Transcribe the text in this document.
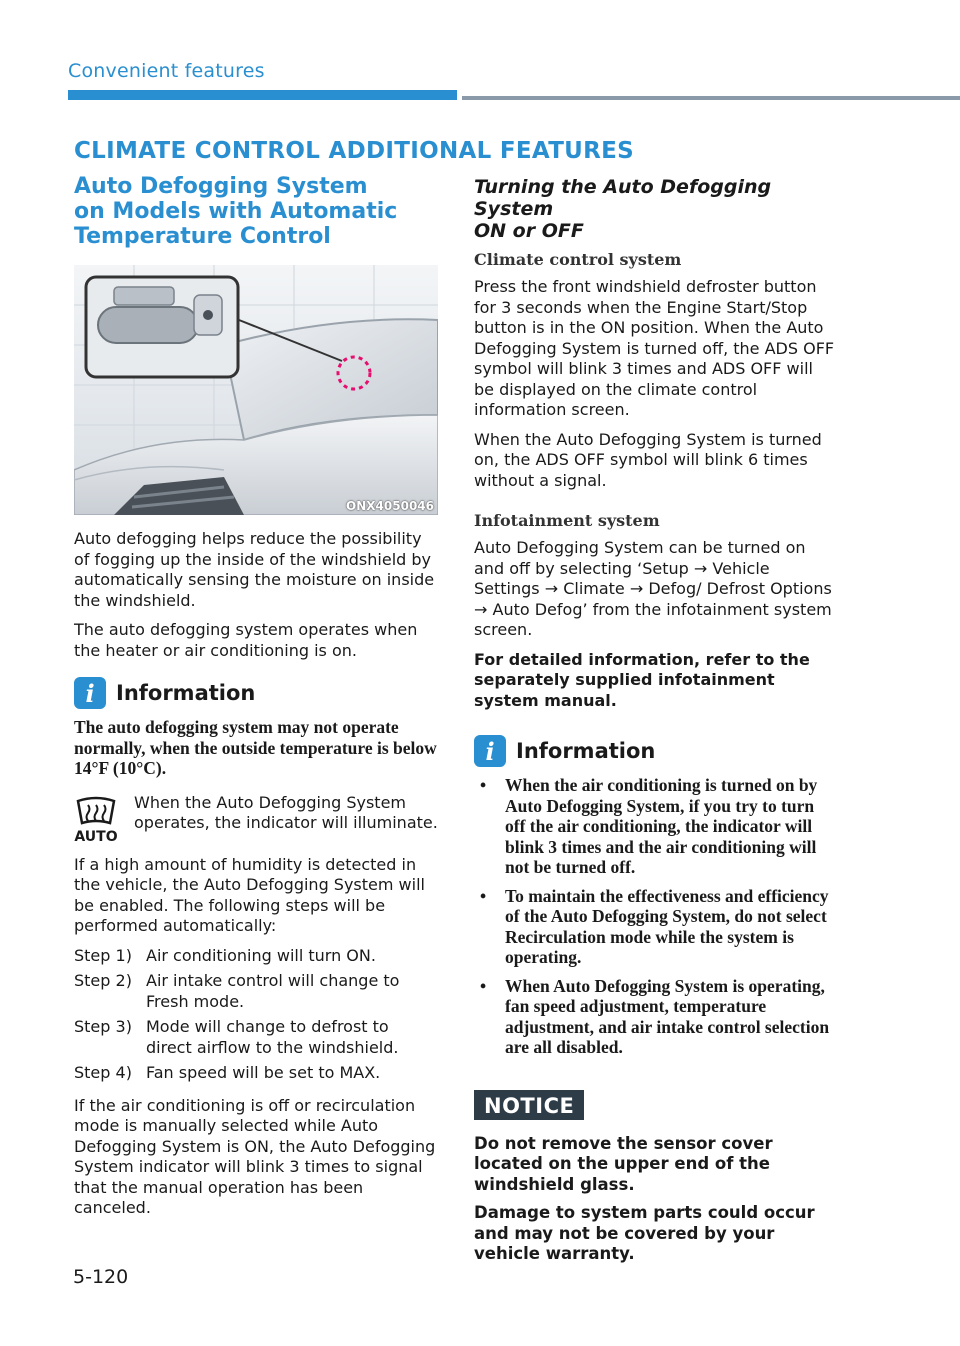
Convenient features
CLIMATE CONTROL ADDITIONAL FEATURES
Auto Defogging System
on Models with Automatic
Temperature Control
ONX4050046

Auto defogging helps reduce the possibility of fogging up the inside of the windshield by automatically sensing the moisture on inside the windshield.

The auto defogging system operates when the heater or air conditioning is on.

i	Information
The auto defogging system may not operate normally, when the outside temperature is below 14°F (10°C).
AUTO

When the Auto Defogging System operates, the indicator will illuminate.

If a high amount of humidity is detected in the vehicle, the Auto Defogging System will be enabled. The following steps will be performed automatically:

Step 1) Air conditioning will turn ON.
Step 2) Air intake control will change to Fresh mode.
Step 3) Mode will change to defrost to direct airflow to the windshield.
Step 4) Fan speed will be set to MAX.

If the air conditioning is off or recirculation mode is manually selected while Auto Defogging System is ON, the Auto Defogging System indicator will blink 3 times to signal that the manual operation has been canceled.

Turning the Auto Defogging System
ON or OFF
Climate control system

Press the front windshield defroster button for 3 seconds when the Engine Start/Stop button is in the ON position. When the Auto Defogging System is turned off, the ADS OFF symbol will blink 3 times and ADS OFF will be displayed on the climate control information screen.

When the Auto Defogging System is turned on, the ADS OFF symbol will blink 6 times without a signal.

Infotainment system

Auto Defogging System can be turned on and off by selecting ‘Setup → Vehicle Settings → Climate → Defog/ Defrost Options → Auto Defog’ from the infotainment system screen.

For detailed information, refer to the separately supplied infotainment system manual.

i	Information
•	When the air conditioning is turned on by Auto Defogging System, if you try to turn off the air conditioning, the indicator will blink 3 times and the air conditioning will not be turned off.
•	To maintain the effectiveness and efficiency of the Auto Defogging System, do not select Recirculation mode while the system is operating.
•	When Auto Defogging System is operating, fan speed adjustment, temperature adjustment, and air intake control selection are all disabled.
NOTICE

Do not remove the sensor cover located on the upper end of the windshield glass.

Damage to system parts could occur and may not be covered by your vehicle warranty.

5-120
